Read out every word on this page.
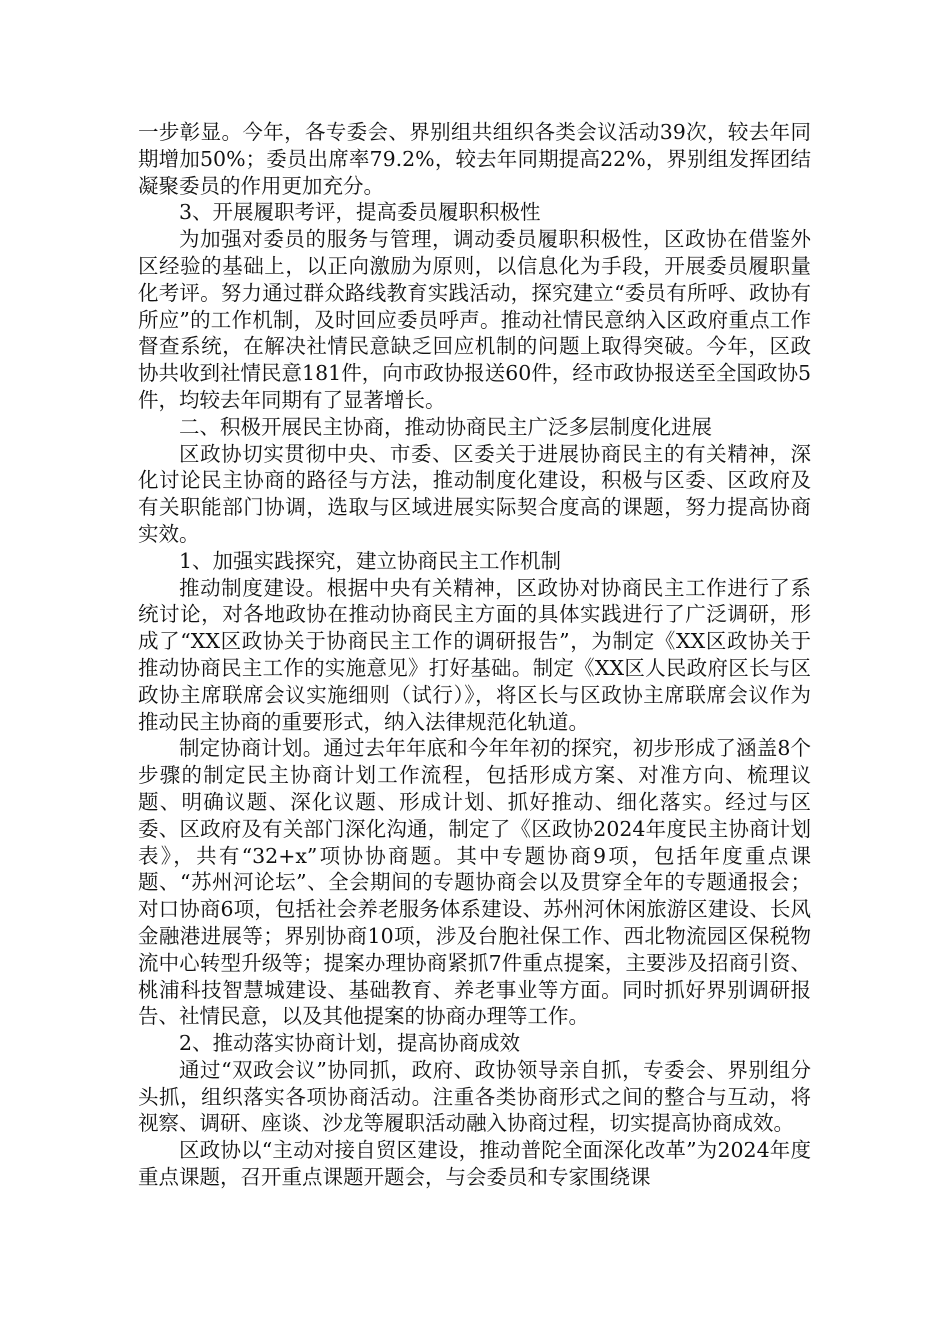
一步彰显。今年，各专委会、界别组共组织各类会议活动39次，较去年同期增加50%；委员出席率79.2%，较去年同期提高22%，界别组发挥团结凝聚委员的作用更加充分。

3、开展履职考评，提高委员履职积极性

为加强对委员的服务与管理，调动委员履职积极性，区政协在借鉴外区经验的基础上，以正向激励为原则，以信息化为手段，开展委员履职量化考评。努力通过群众路线教育实践活动，探究建立“委员有所呼、政协有所应”的工作机制，及时回应委员呼声。推动社情民意纳入区政府重点工作督查系统，在解决社情民意缺乏回应机制的问题上取得突破。今年，区政协共收到社情民意181件，向市政协报送60件，经市政协报送至全国政协5件，均较去年同期有了显著增长。

二、积极开展民主协商，推动协商民主广泛多层制度化进展

区政协切实贯彻中央、市委、区委关于进展协商民主的有关精神，深化讨论民主协商的路径与方法，推动制度化建设，积极与区委、区政府及有关职能部门协调，选取与区域进展实际契合度高的课题，努力提高协商实效。

1、加强实践探究，建立协商民主工作机制

推动制度建设。根据中央有关精神，区政协对协商民主工作进行了系统讨论，对各地政协在推动协商民主方面的具体实践进行了广泛调研，形成了“XX区政协关于协商民主工作的调研报告”，为制定《XX区政协关于推动协商民主工作的实施意见》打好基础。制定《XX区人民政府区长与区政协主席联席会议实施细则（试行）》，将区长与区政协主席联席会议作为推动民主协商的重要形式，纳入法律规范化轨道。

制定协商计划。通过去年年底和今年年初的探究，初步形成了涵盖8个步骤的制定民主协商计划工作流程，包括形成方案、对准方向、梳理议题、明确议题、深化议题、形成计划、抓好推动、细化落实。经过与区委、区政府及有关部门深化沟通，制定了《区政协2024年度民主协商计划表》，共有“32+x”项协协商题。其中专题协商9项，包括年度重点课题、“苏州河论坛”、全会期间的专题协商会以及贯穿全年的专题通报会；对口协商6项，包括社会养老服务体系建设、苏州河休闲旅游区建设、长风金融港进展等；界别协商10项，涉及台胞社保工作、西北物流园区保税物流中心转型升级等；提案办理协商紧抓7件重点提案，主要涉及招商引资、桃浦科技智慧城建设、基础教育、养老事业等方面。同时抓好界别调研报告、社情民意，以及其他提案的协商办理等工作。

2、推动落实协商计划，提高协商成效

通过“双政会议”协同抓，政府、政协领导亲自抓，专委会、界别组分头抓，组织落实各项协商活动。注重各类协商形式之间的整合与互动，将视察、调研、座谈、沙龙等履职活动融入协商过程，切实提高协商成效。

区政协以“主动对接自贸区建设，推动普陀全面深化改革”为2024年度重点课题，召开重点课题开题会，与会委员和专家围绕课
